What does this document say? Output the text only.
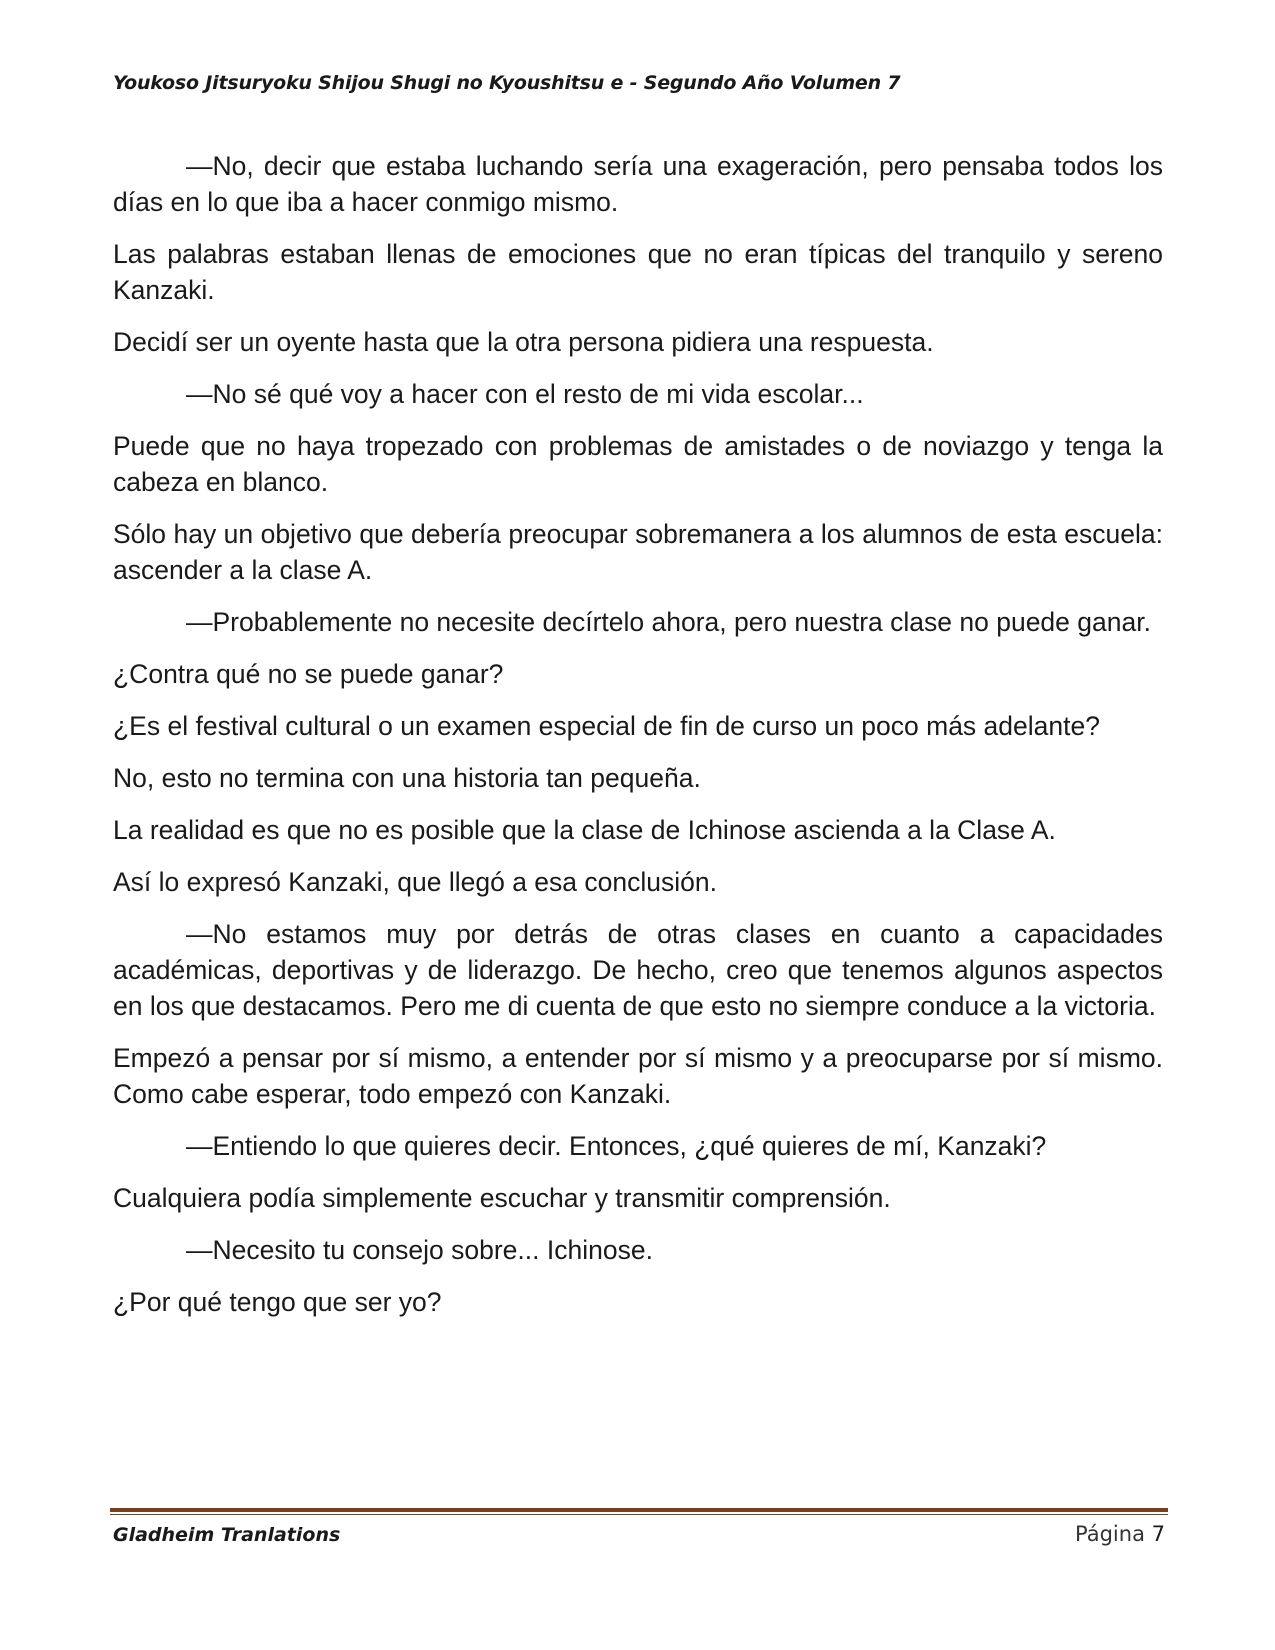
Youkoso Jitsuryoku Shijou Shugi no Kyoushitsu e - Segundo Año Volumen 7

—No, decir que estaba luchando sería una exageración, pero pensaba todos los días en lo que iba a hacer conmigo mismo.

Las palabras estaban llenas de emociones que no eran típicas del tranquilo y sereno Kanzaki.

Decidí ser un oyente hasta que la otra persona pidiera una respuesta.

—No sé qué voy a hacer con el resto de mi vida escolar...

Puede que no haya tropezado con problemas de amistades o de noviazgo y tenga la cabeza en blanco.

Sólo hay un objetivo que debería preocupar sobremanera a los alumnos de esta escuela: ascender a la clase A.

—Probablemente no necesite decírtelo ahora, pero nuestra clase no puede ganar.

¿Contra qué no se puede ganar?

¿Es el festival cultural o un examen especial de fin de curso un poco más adelante?

No, esto no termina con una historia tan pequeña.

La realidad es que no es posible que la clase de Ichinose ascienda a la Clase A.

Así lo expresó Kanzaki, que llegó a esa conclusión.

—No estamos muy por detrás de otras clases en cuanto a capacidades académicas, deportivas y de liderazgo. De hecho, creo que tenemos algunos aspectos en los que destacamos. Pero me di cuenta de que esto no siempre conduce a la victoria.

Empezó a pensar por sí mismo, a entender por sí mismo y a preocuparse por sí mismo. Como cabe esperar, todo empezó con Kanzaki.

—Entiendo lo que quieres decir. Entonces, ¿qué quieres de mí, Kanzaki?

Cualquiera podía simplemente escuchar y transmitir comprensión.

—Necesito tu consejo sobre... Ichinose.

¿Por qué tengo que ser yo?

Gladheim Tranlations	Página 7
